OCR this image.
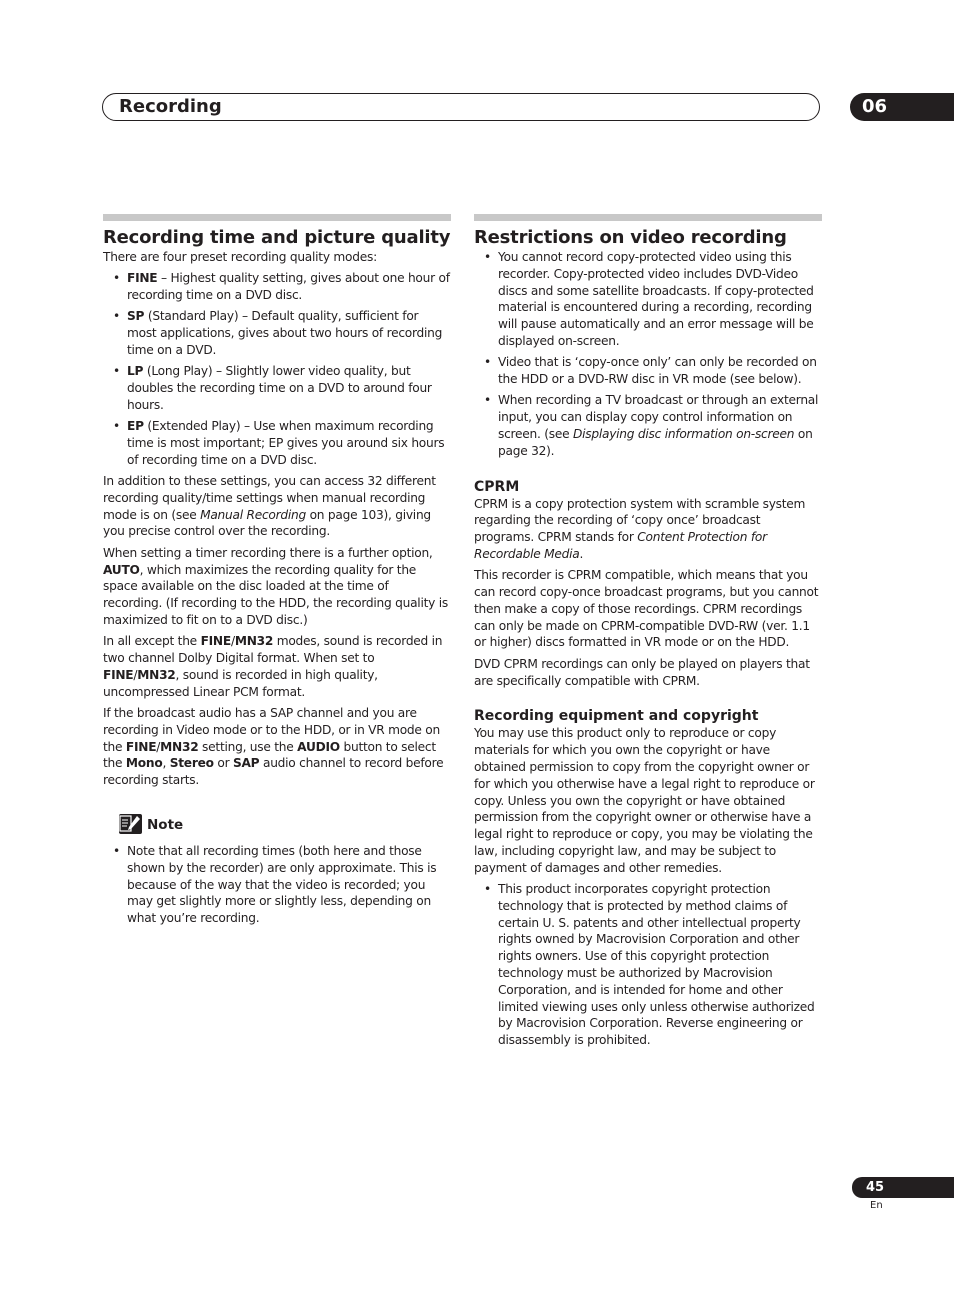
Recording	06
Recording time and picture quality

There are four preset recording quality modes:

• FINE – Highest quality setting, gives about one hour of recording time on a DVD disc.
• SP (Standard Play) – Default quality, sufficient for most applications, gives about two hours of recording time on a DVD.
• LP (Long Play) – Slightly lower video quality, but doubles the recording time on a DVD to around four hours.
• EP (Extended Play) – Use when maximum recording time is most important; EP gives you around six hours of recording time on a DVD disc.

In addition to these settings, you can access 32 different recording quality/time settings when manual recording mode is on (see Manual Recording on page 103), giving you precise control over the recording.

When setting a timer recording there is a further option, AUTO, which maximizes the recording quality for the space available on the disc loaded at the time of recording. (If recording to the HDD, the recording quality is maximized to fit on to a DVD disc.)

In all except the FINE/MN32 modes, sound is recorded in two channel Dolby Digital format. When set to FINE/MN32, sound is recorded in high quality, uncompressed Linear PCM format.

If the broadcast audio has a SAP channel and you are recording in Video mode or to the HDD, or in VR mode on the FINE/MN32 setting, use the AUDIO button to select the Mono, Stereo or SAP audio channel to record before recording starts.

Note
• Note that all recording times (both here and those shown by the recorder) are only approximate. This is because of the way that the video is recorded; you may get slightly more or slightly less, depending on what you’re recording.
Restrictions on video recording
• You cannot record copy-protected video using this recorder. Copy-protected video includes DVD-Video discs and some satellite broadcasts. If copy-protected material is encountered during a recording, recording will pause automatically and an error message will be displayed on-screen.
• Video that is ‘copy-once only’ can only be recorded on the HDD or a DVD-RW disc in VR mode (see below).
• When recording a TV broadcast or through an external input, you can display copy control information on screen. (see Displaying disc information on-screen on page 32).
CPRM

CPRM is a copy protection system with scramble system regarding the recording of ‘copy once’ broadcast programs. CPRM stands for Content Protection for Recordable Media.

This recorder is CPRM compatible, which means that you can record copy-once broadcast programs, but you cannot then make a copy of those recordings. CPRM recordings can only be made on CPRM-compatible DVD-RW (ver. 1.1 or higher) discs formatted in VR mode or on the HDD.

DVD CPRM recordings can only be played on players that are specifically compatible with CPRM.

Recording equipment and copyright

You may use this product only to reproduce or copy materials for which you own the copyright or have obtained permission to copy from the copyright owner or for which you otherwise have a legal right to reproduce or copy. Unless you own the copyright or have obtained permission from the copyright owner or otherwise have a legal right to reproduce or copy, you may be violating the law, including copyright law, and may be subject to payment of damages and other remedies.

• This product incorporates copyright protection technology that is protected by method claims of certain U. S. patents and other intellectual property rights owned by Macrovision Corporation and other rights owners. Use of this copyright protection technology must be authorized by Macrovision Corporation, and is intended for home and other limited viewing uses only unless otherwise authorized by Macrovision Corporation. Reverse engineering or disassembly is prohibited.
45
En
